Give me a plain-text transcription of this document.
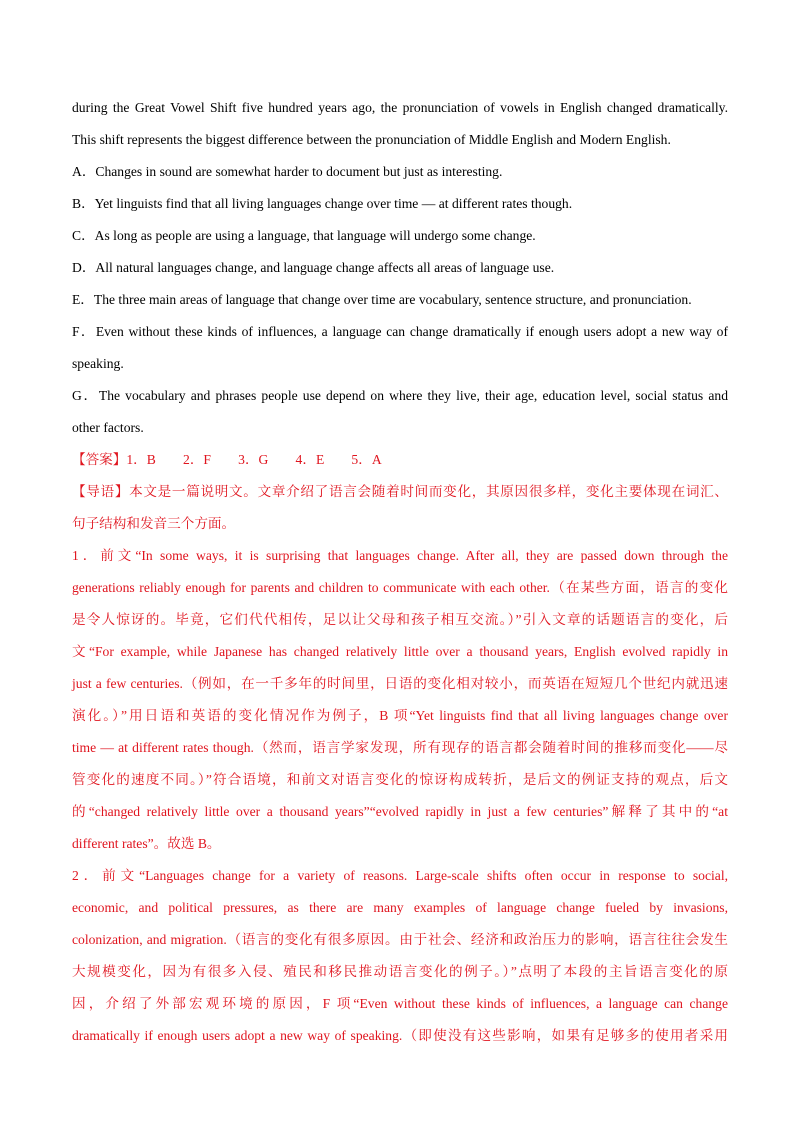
during the Great Vowel Shift five hundred years ago, the pronunciation of vowels in English changed dramatically.
This shift represents the biggest difference between the pronunciation of Middle English and Modern English.
A．Changes in sound are somewhat harder to document but just as interesting.
B．Yet linguists find that all living languages change over time — at different rates though.
C．As long as people are using a language, that language will undergo some change.
D．All natural languages change, and language change affects all areas of language use.
E．The three main areas of language that change over time are vocabulary, sentence structure, and pronunciation.
F．Even without these kinds of influences, a language can change dramatically if enough users adopt a new way of
speaking.
G．The vocabulary and phrases people use depend on where they live, their age, education level, social status and
other factors.
【答案】1．B　　2．F　　3．G　　4．E　　5．A
【导语】本文是一篇说明文。文章介绍了语言会随着时间而变化，其原因很多样，变化主要体现在词汇、
句子结构和发音三个方面。
1．前文“In some ways, it is surprising that languages change. After all, they are passed down through the
generations reliably enough for parents and children to communicate with each other.（在某些方面，语言的变化
是令人惊讶的。毕竟，它们代代相传，足以让父母和孩子相互交流。）”引入文章的话题语言的变化，后
文“For example, while Japanese has changed relatively little over a thousand years, English evolved rapidly in
just a few centuries.（例如，在一千多年的时间里，日语的变化相对较小，而英语在短短几个世纪内就迅速
演化。）”用日语和英语的变化情况作为例子，B 项“Yet linguists find that all living languages change over
time — at different rates though.（然而，语言学家发现，所有现存的语言都会随着时间的推移而变化——尽
管变化的速度不同。）”符合语境，和前文对语言变化的惊讶构成转折，是后文的例证支持的观点，后文
的“changed relatively little over a thousand years”“evolved rapidly in just a few centuries”解释了其中的“at
different rates”。故选 B。
2．前文“Languages change for a variety of reasons. Large-scale shifts often occur in response to social,
economic, and political pressures, as there are many examples of language change fueled by invasions,
colonization, and migration.（语言的变化有很多原因。由于社会、经济和政治压力的影响，语言往往会发生
大规模变化，因为有很多入侵、殖民和移民推动语言变化的例子。）”点明了本段的主旨语言变化的原
因，介绍了外部宏观环境的原因，F 项“Even without these kinds of influences, a language can change
dramatically if enough users adopt a new way of speaking.（即使没有这些影响，如果有足够多的使用者采用
